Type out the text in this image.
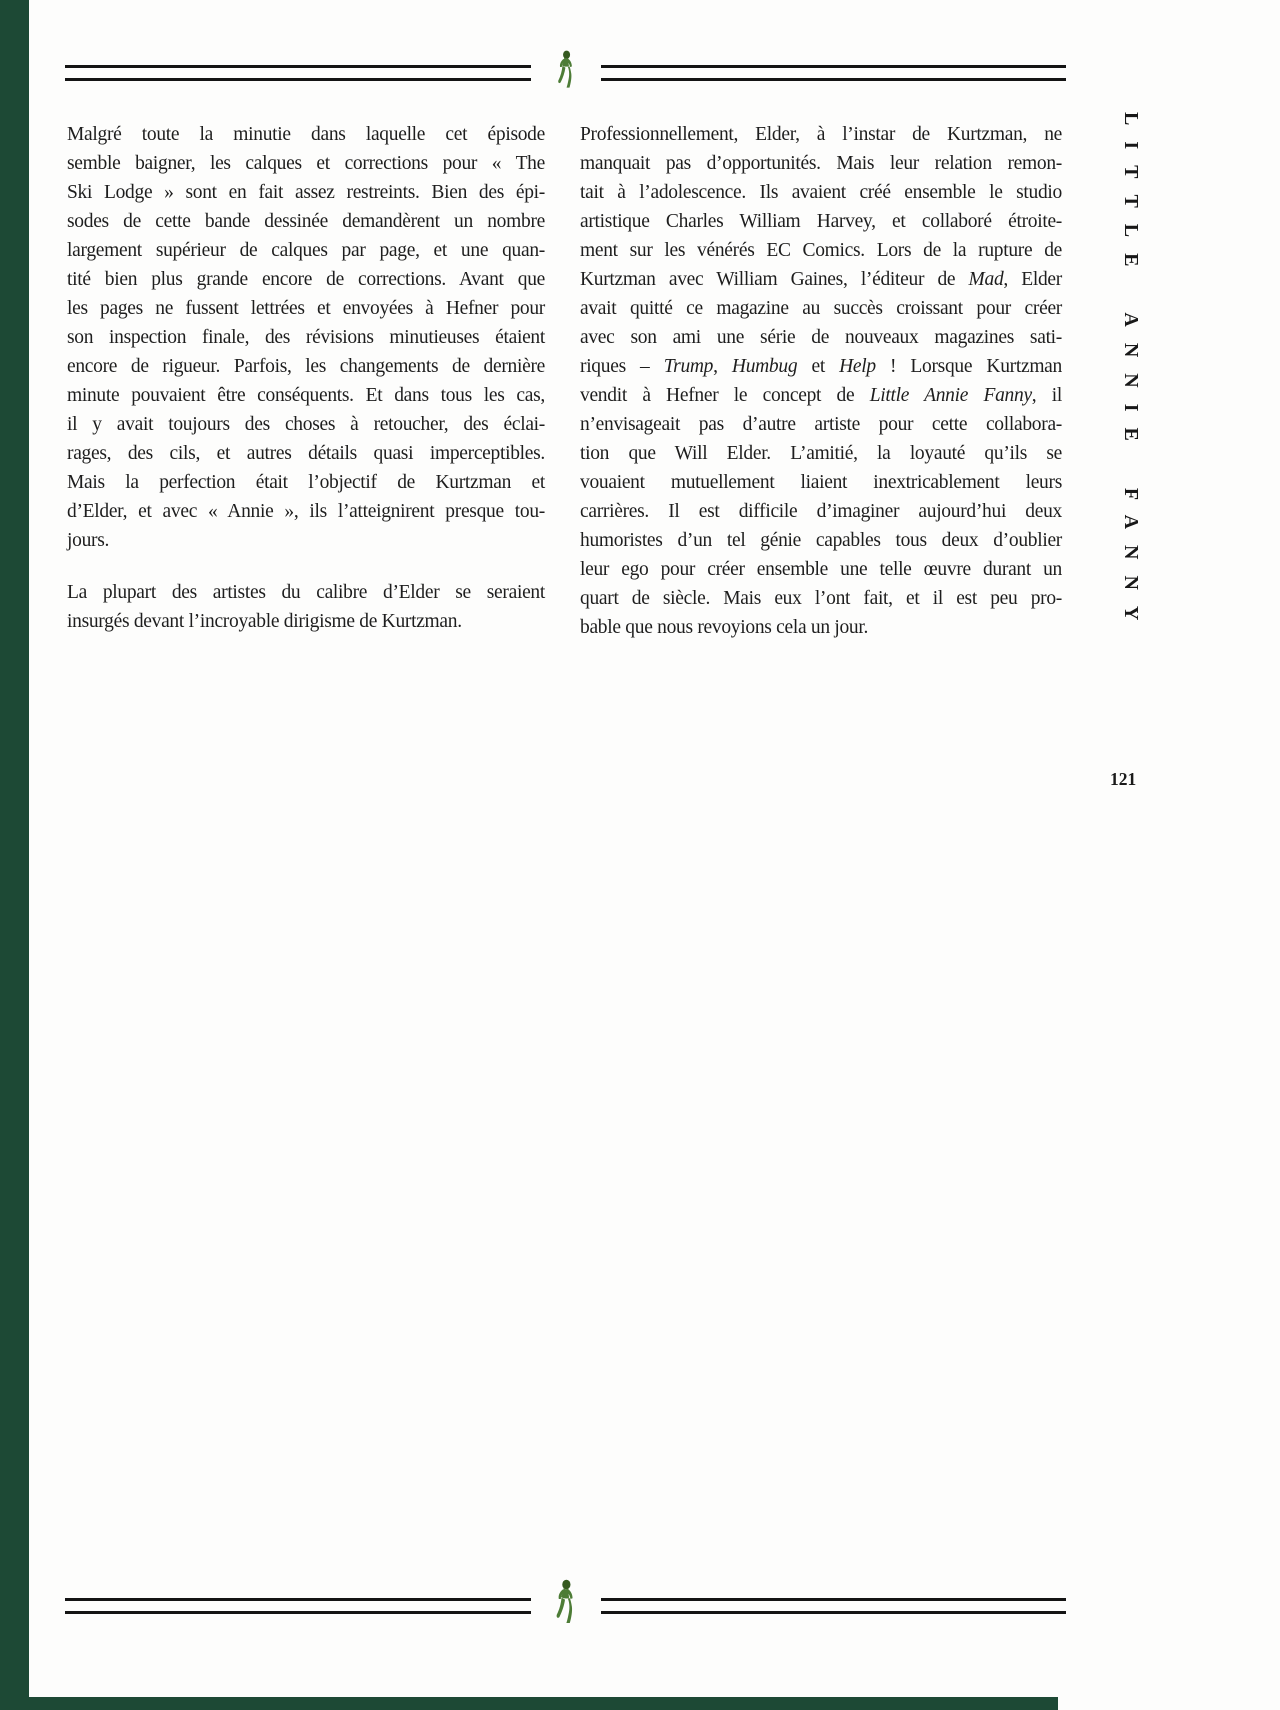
Malgré toute la minutie dans laquelle cet épisode
semble baigner, les calques et corrections pour « The
Ski Lodge » sont en fait assez restreints. Bien des épi-
sodes de cette bande dessinée demandèrent un nombre
largement supérieur de calques par page, et une quan-
tité bien plus grande encore de corrections. Avant que
les pages ne fussent lettrées et envoyées à Hefner pour
son inspection finale, des révisions minutieuses étaient
encore de rigueur. Parfois, les changements de dernière
minute pouvaient être conséquents. Et dans tous les cas,
il y avait toujours des choses à retoucher, des éclai-
rages, des cils, et autres détails quasi imperceptibles.
Mais la perfection était l’objectif de Kurtzman et
d’Elder, et avec « Annie », ils l’atteignirent presque tou-
jours.
La plupart des artistes du calibre d’Elder se seraient
insurgés devant l’incroyable dirigisme de Kurtzman.
Professionnellement, Elder, à l’instar de Kurtzman, ne
manquait pas d’opportunités. Mais leur relation remon-
tait à l’adolescence. Ils avaient créé ensemble le studio
artistique Charles William Harvey, et collaboré étroite-
ment sur les vénérés EC Comics. Lors de la rupture de
Kurtzman avec William Gaines, l’éditeur de Mad, Elder
avait quitté ce magazine au succès croissant pour créer
avec son ami une série de nouveaux magazines sati-
riques – Trump, Humbug et Help ! Lorsque Kurtzman
vendit à Hefner le concept de Little Annie Fanny, il
n’envisageait pas d’autre artiste pour cette collabora-
tion que Will Elder. L’amitié, la loyauté qu’ils se
vouaient mutuellement liaient inextricablement leurs
carrières. Il est difficile d’imaginer aujourd’hui deux
humoristes d’un tel génie capables tous deux d’oublier
leur ego pour créer ensemble une telle œuvre durant un
quart de siècle. Mais eux l’ont fait, et il est peu pro-
bable que nous revoyions cela un jour.	LITTLE ANNIE FANNY
121
